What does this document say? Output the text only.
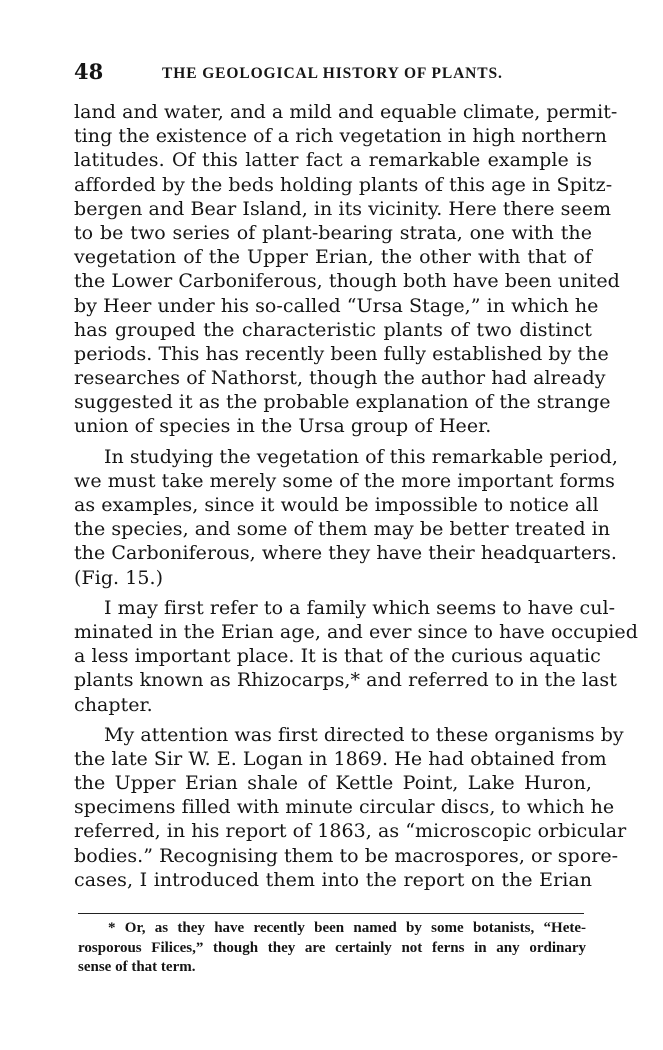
48	THE GEOLOGICAL HISTORY OF PLANTS.
land and water, and a mild and equable climate, permit-
ting the existence of a rich vegetation in high northern
latitudes. Of this latter fact a remarkable example is
afforded by the beds holding plants of this age in Spitz-
bergen and Bear Island, in its vicinity. Here there seem
to be two series of plant-bearing strata, one with the
vegetation of the Upper Erian, the other with that of
the Lower Carboniferous, though both have been united
by Heer under his so-called “Ursa Stage,” in which he
has grouped the characteristic plants of two distinct
periods. This has recently been fully established by the
researches of Nathorst, though the author had already
suggested it as the probable explanation of the strange
union of species in the Ursa group of Heer.
In studying the vegetation of this remarkable period,
we must take merely some of the more important forms
as examples, since it would be impossible to notice all
the species, and some of them may be better treated in
the Carboniferous, where they have their headquarters.
(Fig. 15.)
I may first refer to a family which seems to have cul-
minated in the Erian age, and ever since to have occupied
a less important place. It is that of the curious aquatic
plants known as Rhizocarps,* and referred to in the last
chapter.
My attention was first directed to these organisms by
the late Sir W. E. Logan in 1869. He had obtained from
the Upper Erian shale of Kettle Point, Lake Huron,
specimens filled with minute circular discs, to which he
referred, in his report of 1863, as “microscopic orbicular
bodies.” Recognising them to be macrospores, or spore-
cases, I introduced them into the report on the Erian
* Or, as they have recently been named by some botanists, “Hete-
rosporous Filices,” though they are certainly not ferns in any ordinary
sense of that term.
